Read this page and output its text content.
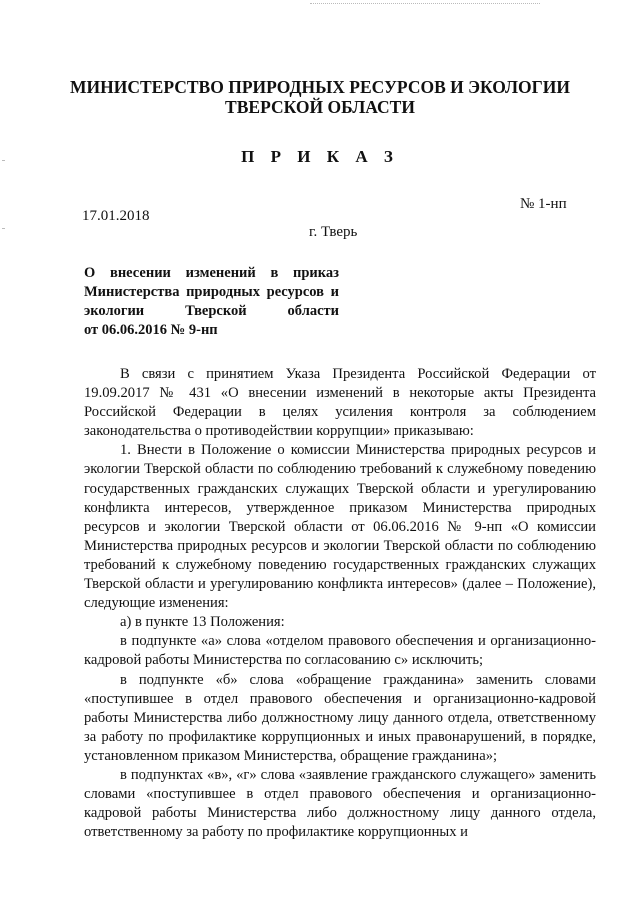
МИНИСТЕРСТВО ПРИРОДНЫХ РЕСУРСОВ И ЭКОЛОГИИ
ТВЕРСКОЙ ОБЛАСТИ
П Р И К А З
17.01.2018
№ 1-нп
г. Тверь
О внесении изменений в приказ
Министерства природных ресурсов и
экологии Тверской области
от 06.06.2016 № 9-нп

В связи с принятием Указа Президента Российской Федерации от 19.09.2017 № 431 «О внесении изменений в некоторые акты Президента Российской Федерации в целях усиления контроля за соблюдением законодательства о противодействии коррупции» приказываю:

1. Внести в Положение о комиссии Министерства природных ресурсов и экологии Тверской области по соблюдению требований к служебному поведению государственных гражданских служащих Тверской области и урегулированию конфликта интересов, утвержденное приказом Министерства природных ресурсов и экологии Тверской области от 06.06.2016 № 9-нп «О комиссии Министерства природных ресурсов и экологии Тверской области по соблюдению требований к служебному поведению государственных гражданских служащих Тверской области и урегулированию конфликта интересов» (далее – Положение), следующие изменения:

а) в пункте 13 Положения:

в подпункте «а» слова «отделом правового обеспечения и организационно-кадровой работы Министерства по согласованию с» исключить;

в подпункте «б» слова «обращение гражданина» заменить словами «поступившее в отдел правового обеспечения и организационно-кадровой работы Министерства либо должностному лицу данного отдела, ответственному за работу по профилактике коррупционных и иных правонарушений, в порядке, установленном приказом Министерства, обращение гражданина»;

в подпунктах «в», «г» слова «заявление гражданского служащего» заменить словами «поступившее в отдел правового обеспечения и организационно-кадровой работы Министерства либо должностному лицу данного отдела, ответственному за работу по профилактике коррупционных и
